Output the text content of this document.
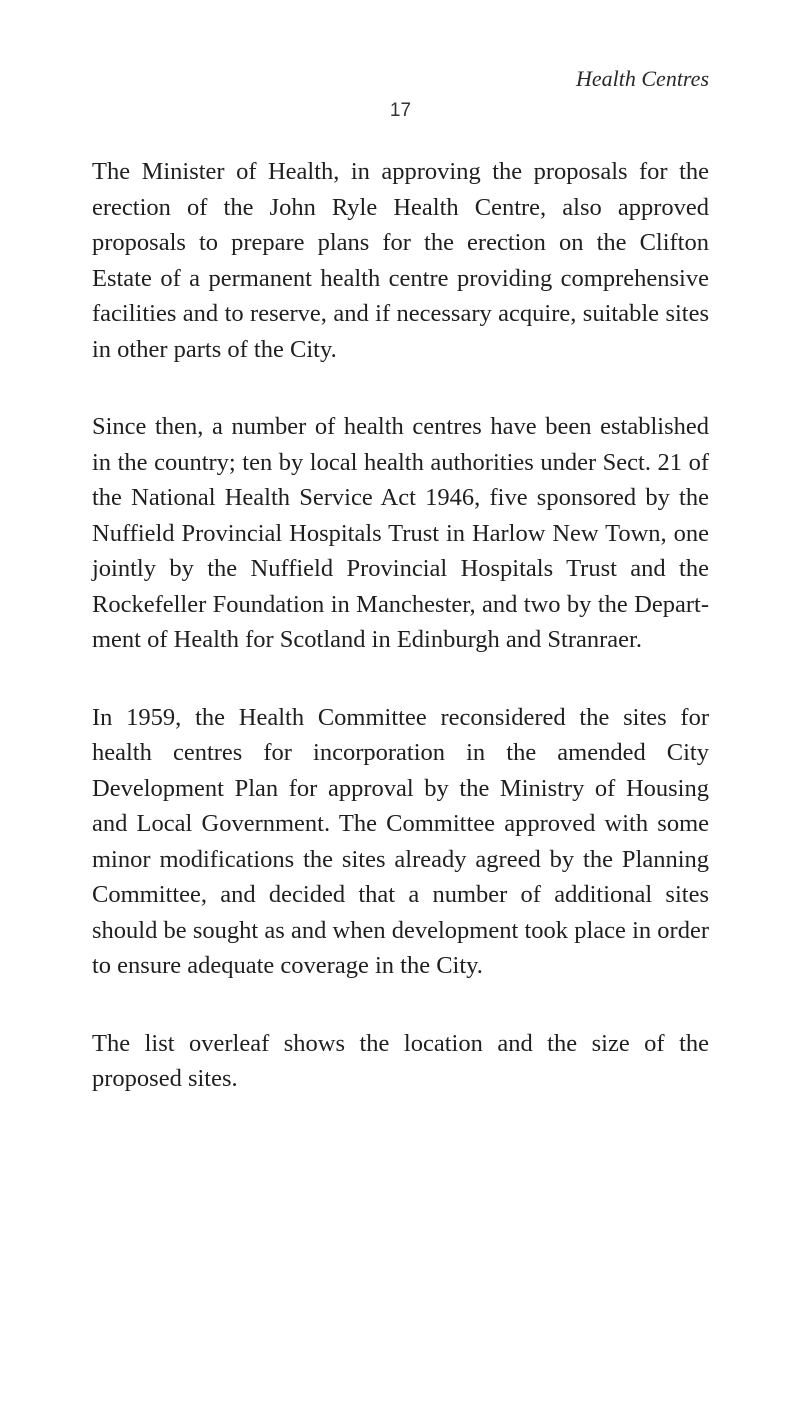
Health Centres
17

The Minister of Health, in approving the proposals for the erection of the John Ryle Health Centre, also approved proposals to prepare plans for the erection on the Clifton Estate of a permanent health centre providing comprehensive facilities and to reserve, and if necessary acquire, suitable sites in other parts of the City.

Since then, a number of health centres have been established in the country; ten by local health authorities under Sect. 21 of the National Health Service Act 1946, five sponsored by the Nuffield Provincial Hospitals Trust in Harlow New Town, one jointly by the Nuffield Provincial Hospitals Trust and the Rockefeller Foundation in Manchester, and two by the Department of Health for Scotland in Edinburgh and Stranraer.

In 1959, the Health Committee reconsidered the sites for health centres for incorporation in the amended City Development Plan for approval by the Ministry of Housing and Local Government. The Committee approved with some minor modifications the sites already agreed by the Planning Committee, and decided that a number of additional sites should be sought as and when development took place in order to ensure adequate coverage in the City.

The list overleaf shows the location and the size of the proposed sites.
